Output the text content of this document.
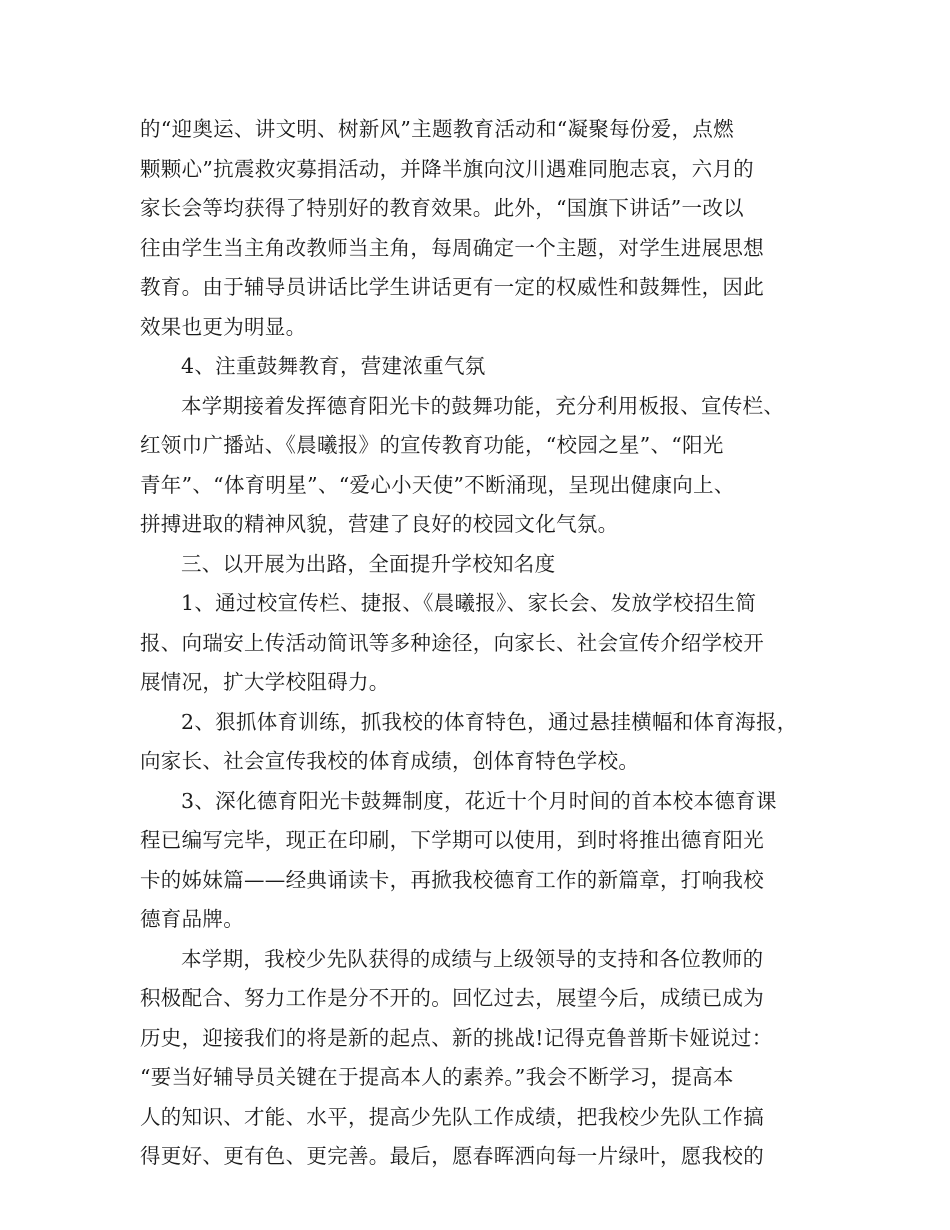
的“迎奥运、讲文明、树新风”主题教育活动和“凝聚每份爱，点燃
颗颗心”抗震救灾募捐活动，并降半旗向汶川遇难同胞志哀，六月的
家长会等均获得了特别好的教育效果。此外，“国旗下讲话”一改以
往由学生当主角改教师当主角，每周确定一个主题，对学生进展思想
教育。由于辅导员讲话比学生讲话更有一定的权威性和鼓舞性，因此
效果也更为明显。
4、注重鼓舞教育，营建浓重气氛
本学期接着发挥德育阳光卡的鼓舞功能，充分利用板报、宣传栏、
红领巾广播站、《晨曦报》的宣传教育功能，“校园之星”、“阳光
青年”、“体育明星”、“爱心小天使”不断涌现，呈现出健康向上、
拼搏进取的精神风貌，营建了良好的校园文化气氛。
三、以开展为出路，全面提升学校知名度
1、通过校宣传栏、捷报、《晨曦报》、家长会、发放学校招生简
报、向瑞安上传活动简讯等多种途径，向家长、社会宣传介绍学校开
展情况，扩大学校阻碍力。
2、狠抓体育训练，抓我校的体育特色，通过悬挂横幅和体育海报，
向家长、社会宣传我校的体育成绩，创体育特色学校。
3、深化德育阳光卡鼓舞制度，花近十个月时间的首本校本德育课
程已编写完毕，现正在印刷，下学期可以使用，到时将推出德育阳光
卡的姊妹篇——经典诵读卡，再掀我校德育工作的新篇章，打响我校
德育品牌。
本学期，我校少先队获得的成绩与上级领导的支持和各位教师的
积极配合、努力工作是分不开的。回忆过去，展望今后，成绩已成为
历史，迎接我们的将是新的起点、新的挑战!记得克鲁普斯卡娅说过：
“要当好辅导员关键在于提高本人的素养。”我会不断学习，提高本
人的知识、才能、水平，提高少先队工作成绩，把我校少先队工作搞
得更好、更有色、更完善。最后，愿春晖洒向每一片绿叶，愿我校的
